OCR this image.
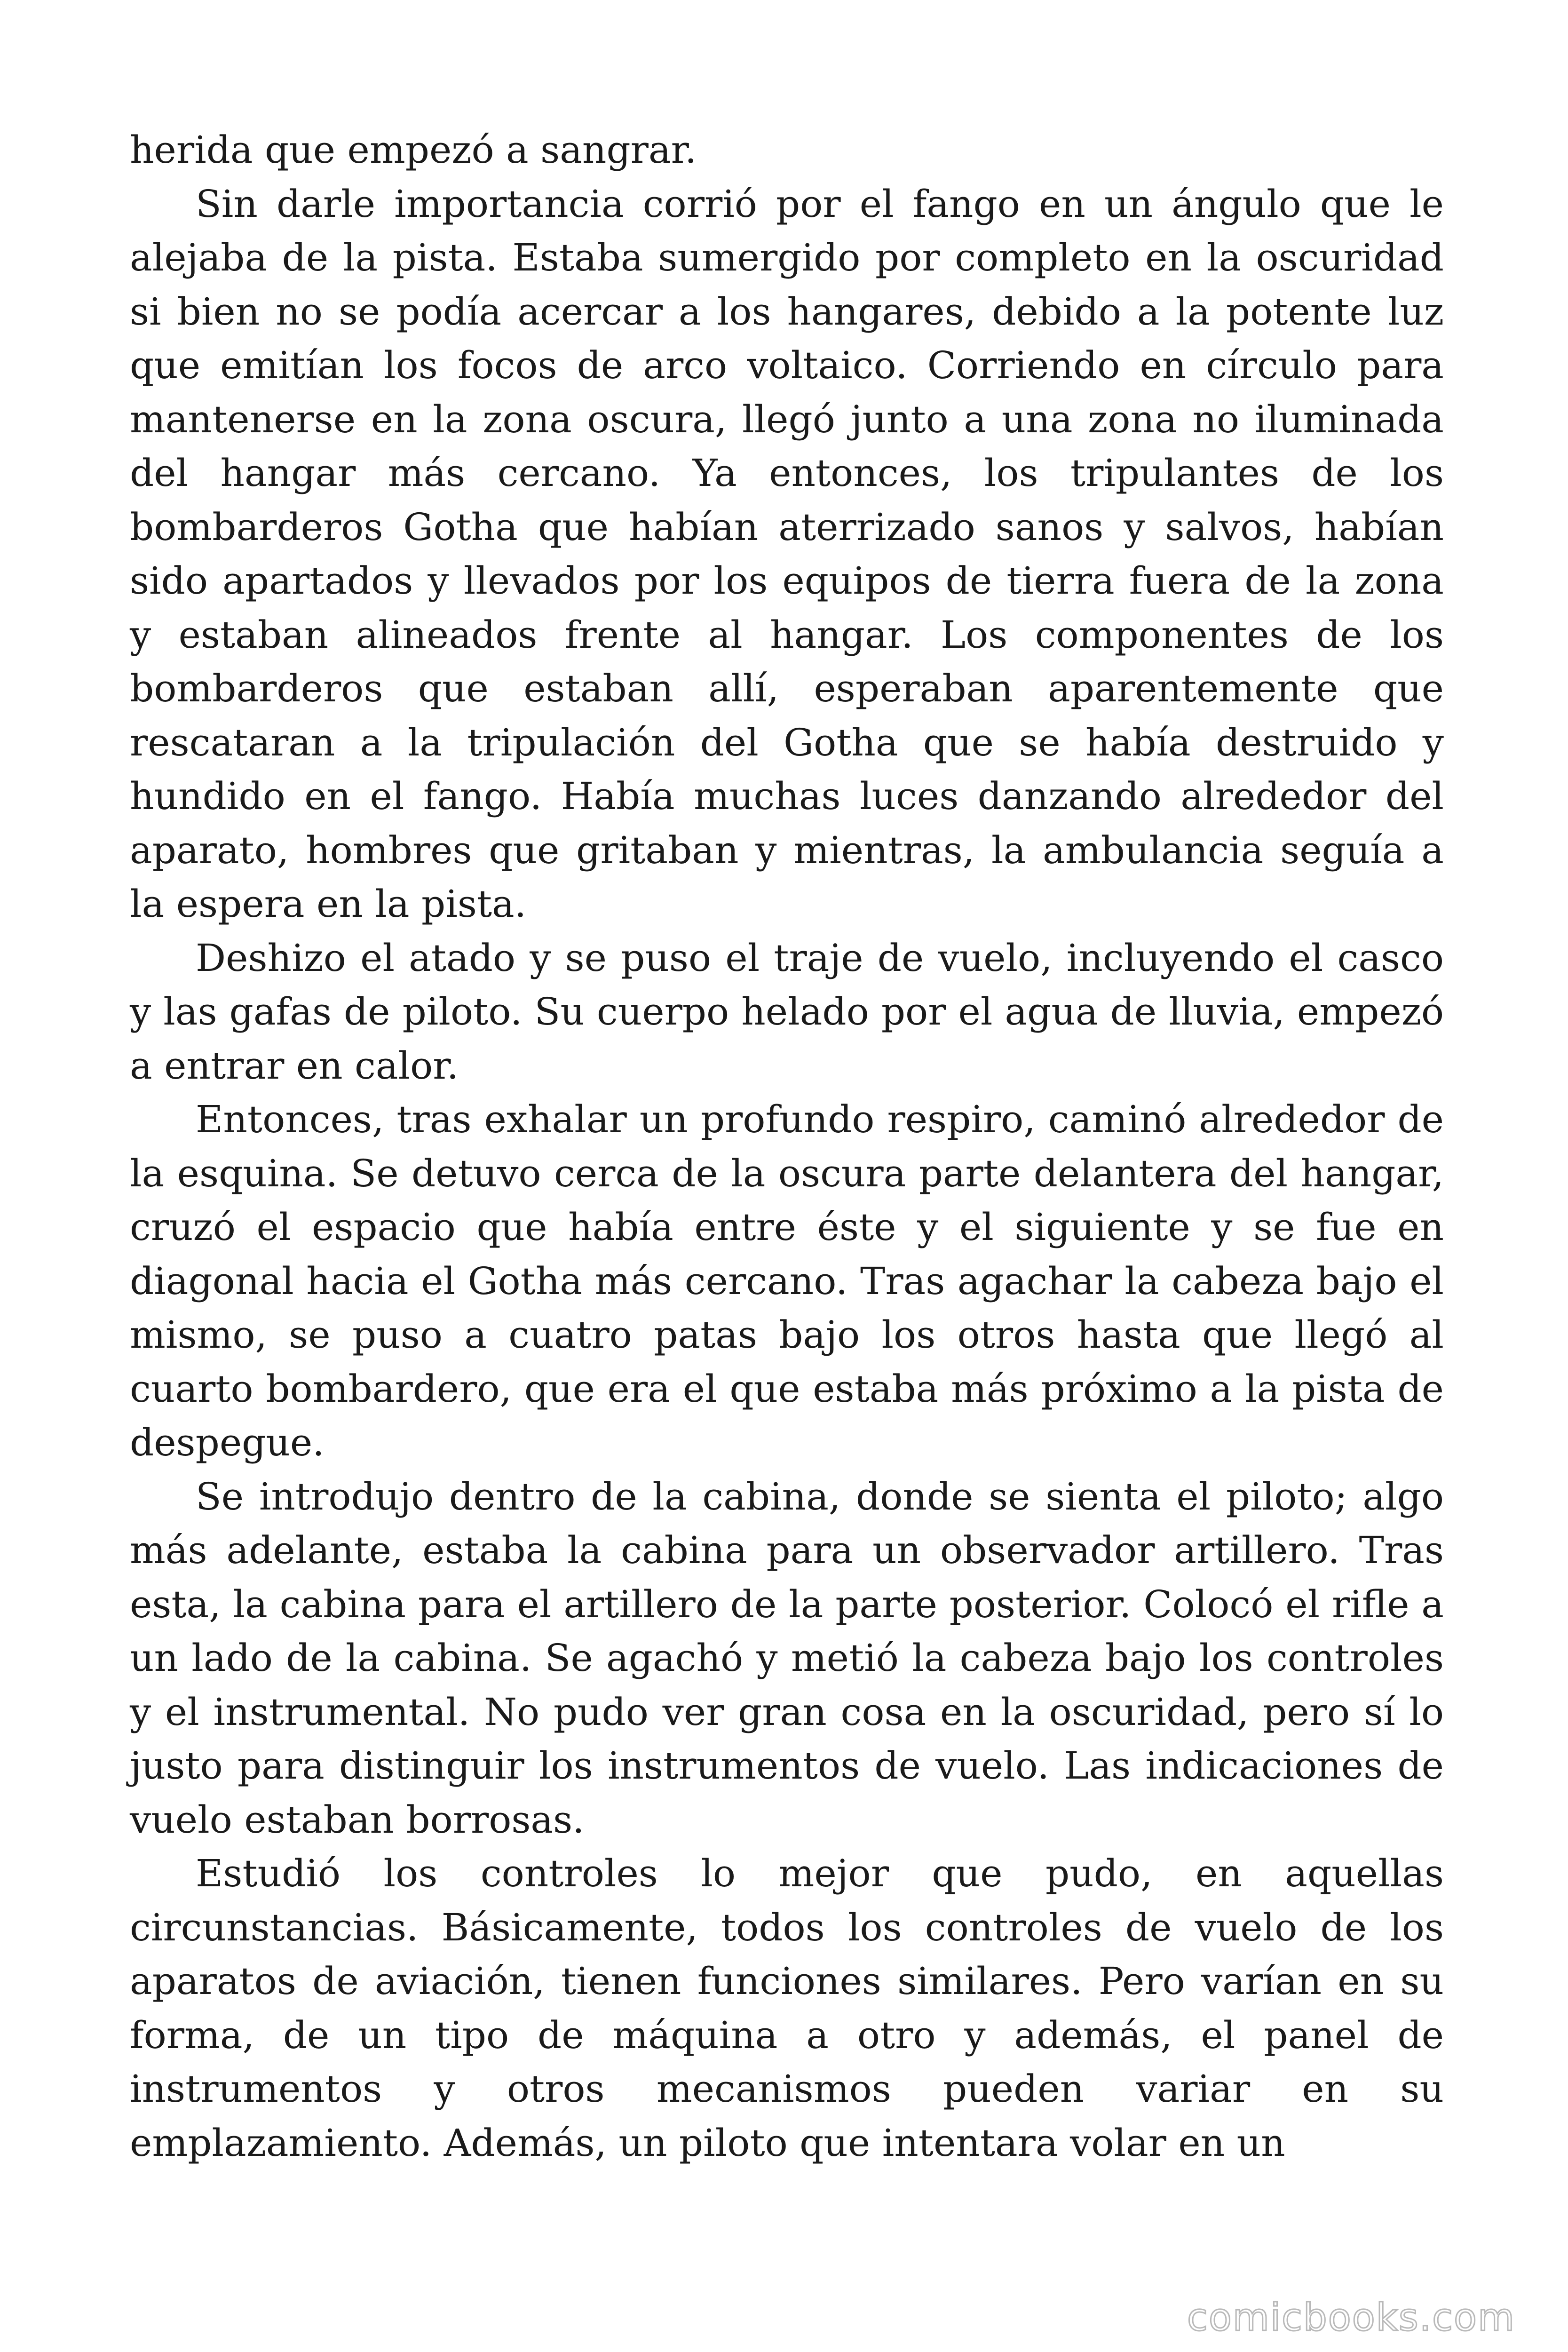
herida que empezó a sangrar.

Sin darle importancia corrió por el fango en un ángulo que le alejaba de la pista. Estaba sumergido por completo en la oscuridad si bien no se podía acercar a los hangares, debido a la potente luz que emitían los focos de arco voltaico. Corriendo en círculo para mantenerse en la zona oscura, llegó junto a una zona no iluminada del hangar más cercano. Ya entonces, los tripulantes de los bombarderos Gotha que habían aterrizado sanos y salvos, habían sido apartados y llevados por los equipos de tierra fuera de la zona y estaban alineados frente al hangar. Los componentes de los bombarderos que estaban allí, esperaban aparentemente que rescataran a la tripulación del Gotha que se había destruido y hundido en el fango. Había muchas luces danzando alrededor del aparato, hombres que gritaban y mientras, la ambulancia seguía a la espera en la pista.

Deshizo el atado y se puso el traje de vuelo, incluyendo el casco y las gafas de piloto. Su cuerpo helado por el agua de lluvia, empezó a entrar en calor.

Entonces, tras exhalar un profundo respiro, caminó alrededor de la esquina. Se detuvo cerca de la oscura parte delantera del hangar, cruzó el espacio que había entre éste y el siguiente y se fue en diagonal hacia el Gotha más cercano. Tras agachar la cabeza bajo el mismo, se puso a cuatro patas bajo los otros hasta que llegó al cuarto bombardero, que era el que estaba más próximo a la pista de despegue.

Se introdujo dentro de la cabina, donde se sienta el piloto; algo más adelante, estaba la cabina para un observador artillero. Tras esta, la cabina para el artillero de la parte posterior. Colocó el rifle a un lado de la cabina. Se agachó y metió la cabeza bajo los controles y el instrumental. No pudo ver gran cosa en la oscuridad, pero sí lo justo para distinguir los instrumentos de vuelo. Las indicaciones de vuelo estaban borrosas.

Estudió los controles lo mejor que pudo, en aquellas circunstancias. Básicamente, todos los controles de vuelo de los aparatos de aviación, tienen funciones similares. Pero varían en su forma, de un tipo de máquina a otro y además, el panel de instrumentos y otros mecanismos pueden variar en su emplazamiento. Además, un piloto que intentara volar en un

comicbooks.com
